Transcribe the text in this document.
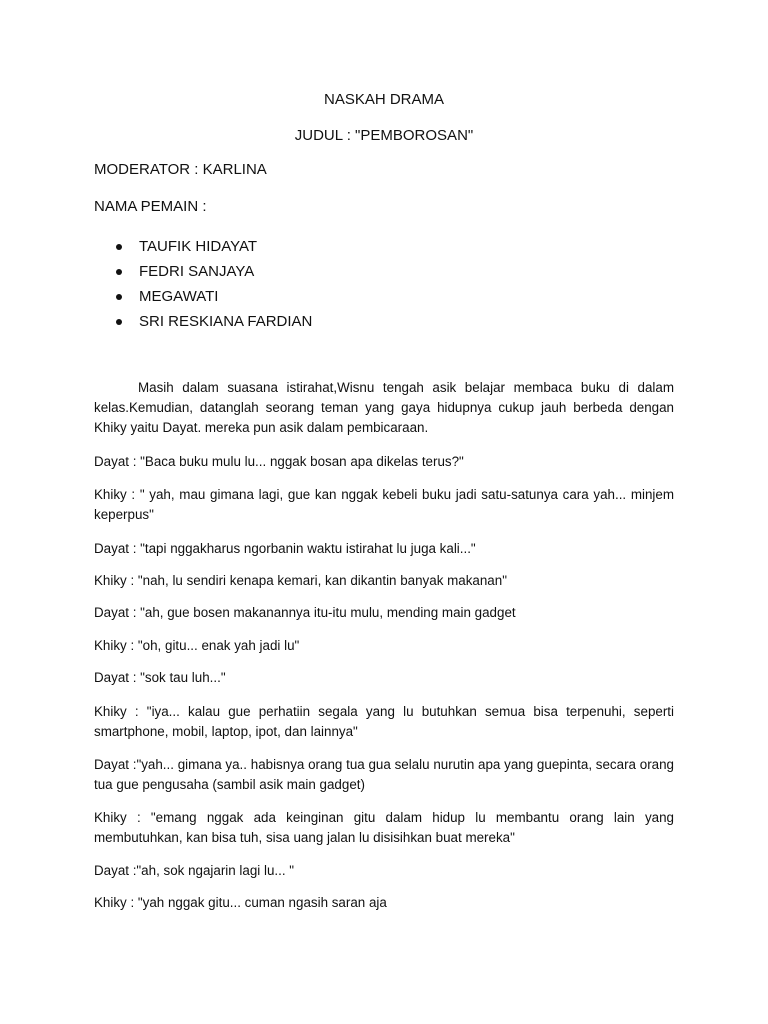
NASKAH DRAMA
JUDUL : "PEMBOROSAN"
MODERATOR : KARLINA
NAMA PEMAIN :
TAUFIK HIDAYAT
FEDRI SANJAYA
MEGAWATI
SRI RESKIANA FARDIAN

Masih dalam suasana istirahat,Wisnu tengah asik belajar membaca buku di dalam kelas.Kemudian, datanglah seorang teman yang gaya hidupnya cukup jauh berbeda dengan Khiky yaitu Dayat. mereka pun asik dalam pembicaraan.

Dayat : "Baca buku mulu lu... nggak bosan apa dikelas terus?"

Khiky : " yah, mau gimana lagi, gue kan nggak kebeli buku jadi satu-satunya cara yah... minjem keperpus"

Dayat : "tapi nggakharus ngorbanin waktu istirahat lu juga kali..."

Khiky : "nah, lu sendiri kenapa kemari, kan dikantin banyak makanan"

Dayat : "ah, gue bosen makanannya itu-itu mulu, mending main gadget

Khiky : "oh, gitu... enak yah jadi lu"

Dayat : "sok tau luh..."

Khiky : "iya... kalau gue perhatiin segala yang lu butuhkan semua bisa terpenuhi, seperti smartphone, mobil, laptop, ipot, dan lainnya"

Dayat :"yah... gimana ya.. habisnya orang tua gua selalu nurutin apa yang guepinta, secara orang tua gue pengusaha (sambil asik main gadget)

Khiky : "emang nggak ada keinginan gitu dalam hidup lu membantu orang lain yang membutuhkan, kan bisa tuh, sisa uang jalan lu disisihkan buat mereka"

Dayat :"ah, sok ngajarin lagi lu... "

Khiky : "yah nggak gitu... cuman ngasih saran aja
